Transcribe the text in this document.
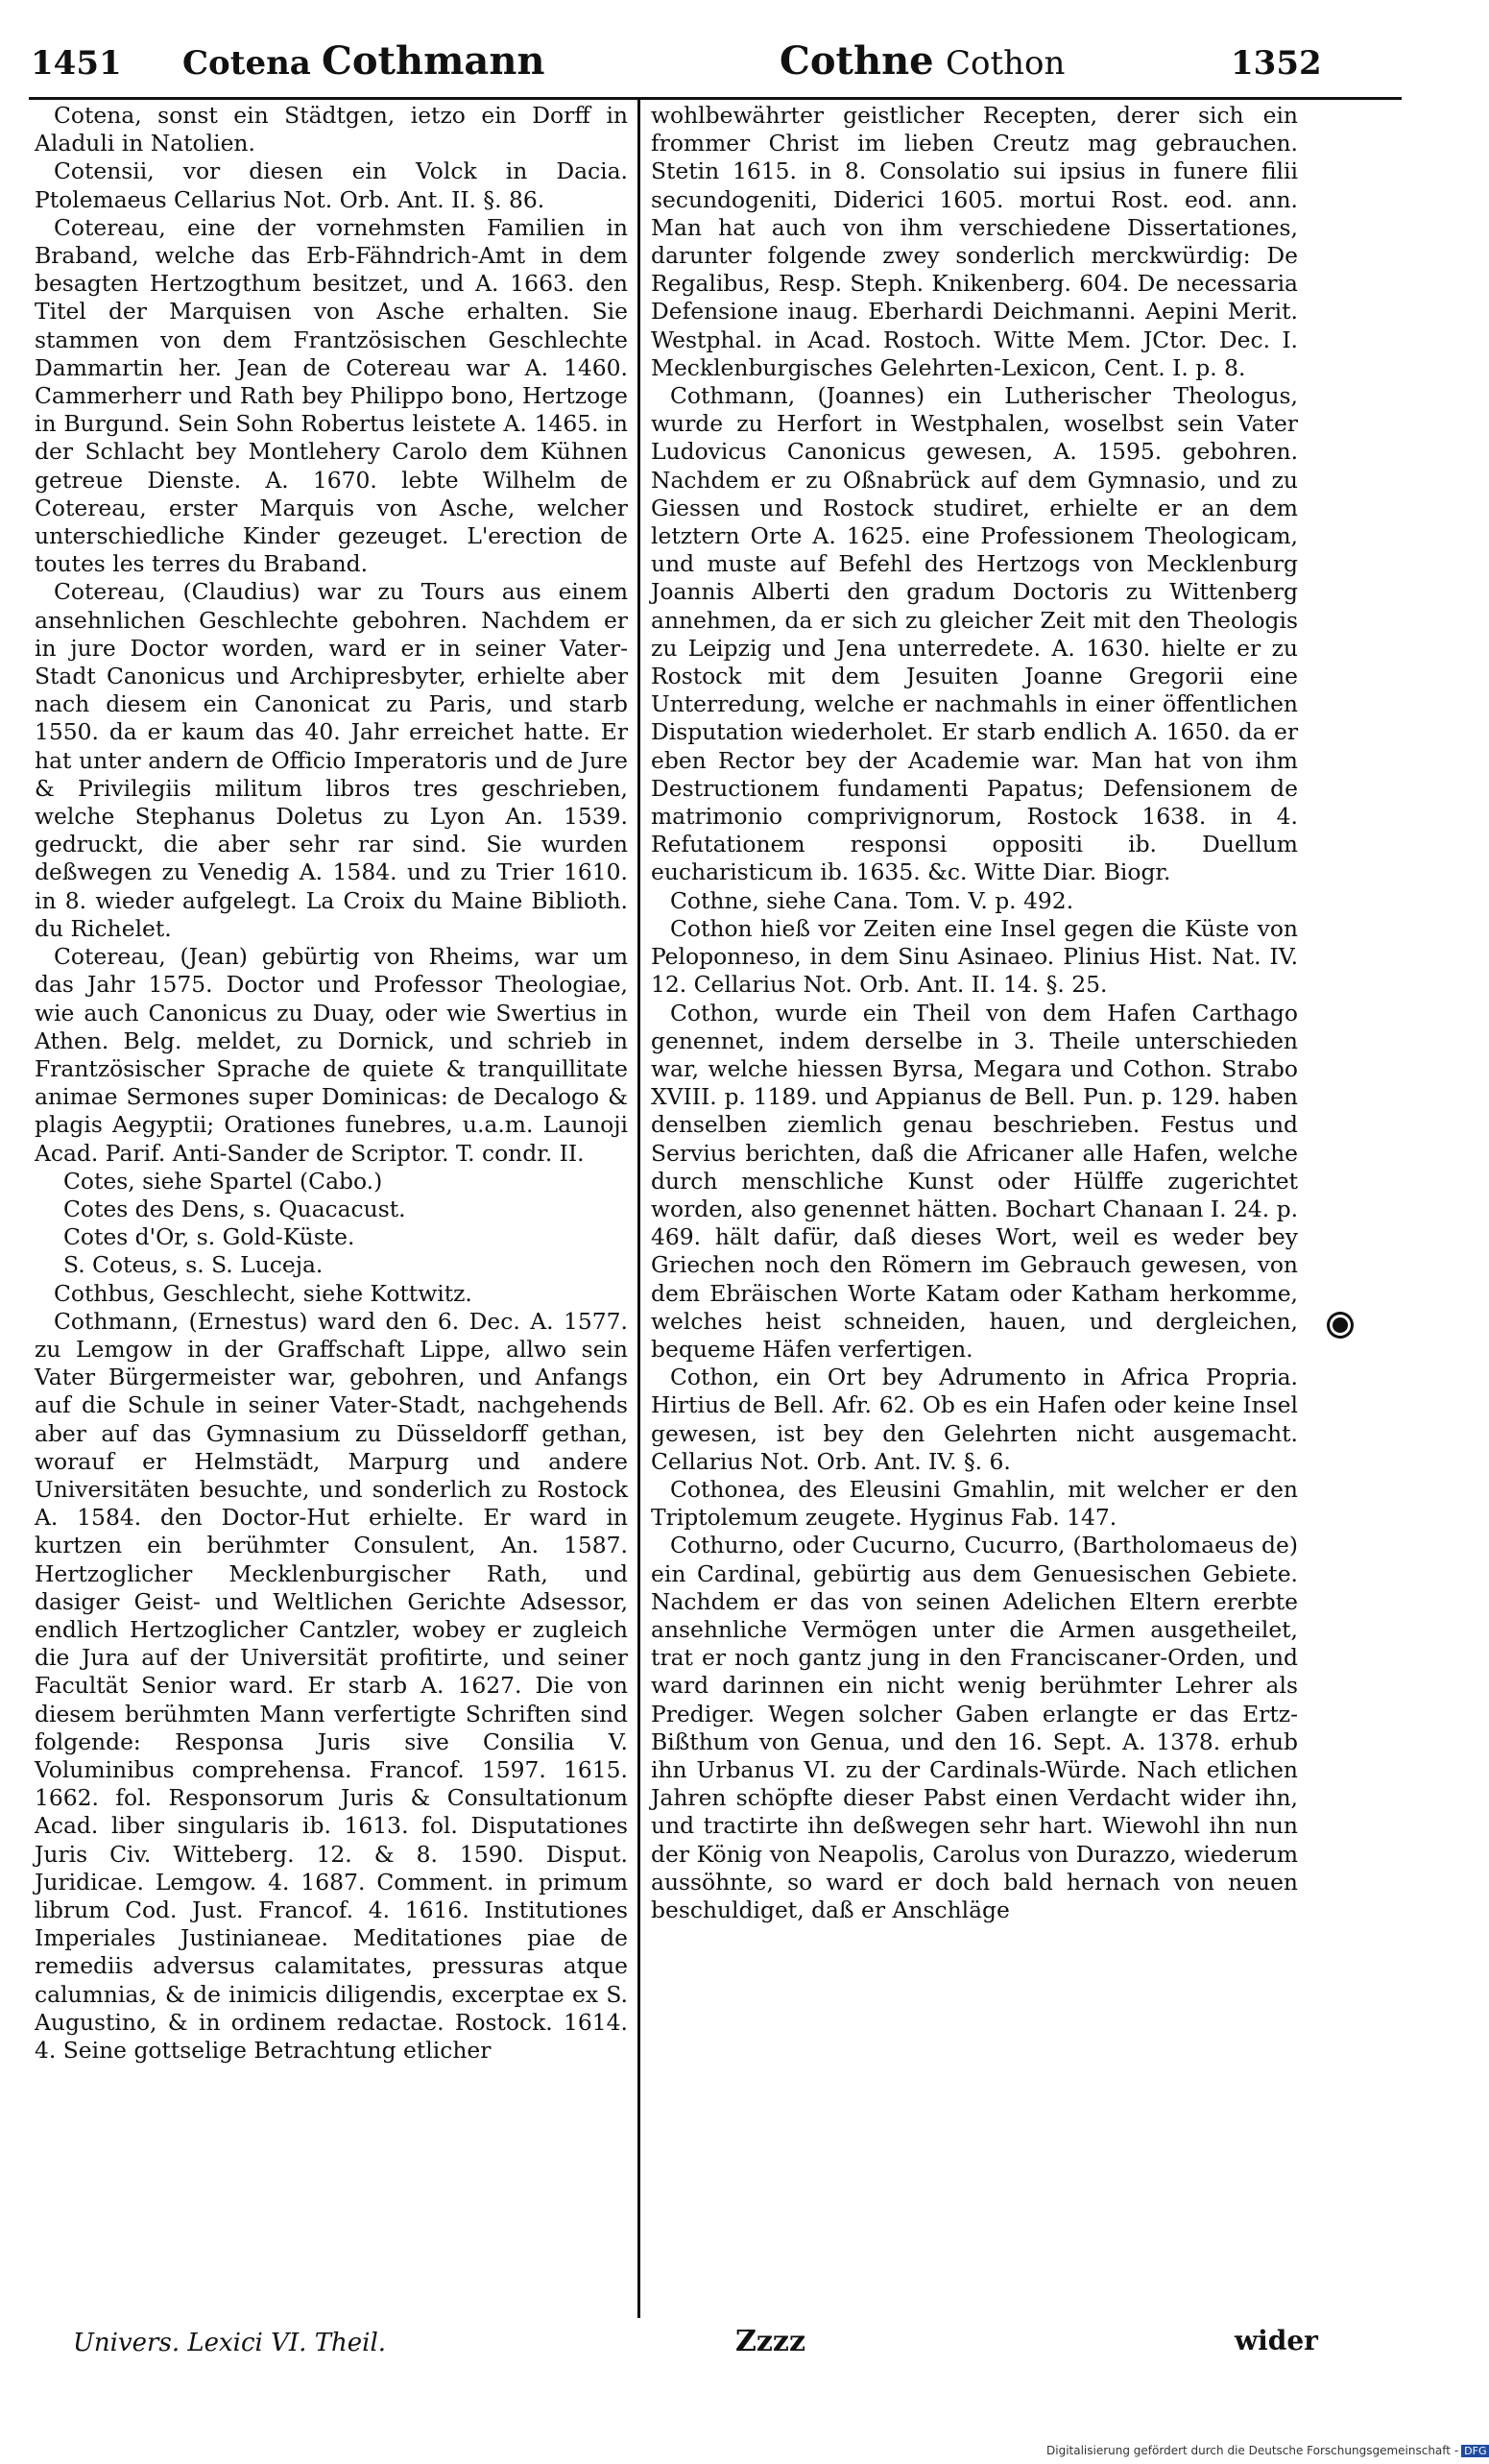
1451 Cotena Cothmann	Cothne Cothon	1352

Cotena, sonst ein Städtgen, ietzo ein Dorff in Aladuli in Natolien.

Cotensii, vor diesen ein Volck in Dacia. Ptolemaeus Cellarius Not. Orb. Ant. II. §. 86.

Cotereau, eine der vornehmsten Familien in Braband, welche das Erb-Fähndrich-Amt in dem besagten Hertzogthum besitzet, und A. 1663. den Titel der Marquisen von Asche erhalten. Sie stammen von dem Frantzösischen Geschlechte Dammartin her. Jean de Cotereau war A. 1460. Cammerherr und Rath bey Philippo bono, Hertzoge in Burgund. Sein Sohn Robertus leistete A. 1465. in der Schlacht bey Montlehery Carolo dem Kühnen getreue Dienste. A. 1670. lebte Wilhelm de Cotereau, erster Marquis von Asche, welcher unterschiedliche Kinder gezeuget. L'erection de toutes les terres du Braband.

Cotereau, (Claudius) war zu Tours aus einem ansehnlichen Geschlechte gebohren. Nachdem er in jure Doctor worden, ward er in seiner Vater-Stadt Canonicus und Archipresbyter, erhielte aber nach diesem ein Canonicat zu Paris, und starb 1550. da er kaum das 40. Jahr erreichet hatte. Er hat unter andern de Officio Imperatoris und de Jure & Privilegiis militum libros tres geschrieben, welche Stephanus Doletus zu Lyon An. 1539. gedruckt, die aber sehr rar sind. Sie wurden deßwegen zu Venedig A. 1584. und zu Trier 1610. in 8. wieder aufgelegt. La Croix du Maine Biblioth. du Richelet.

Cotereau, (Jean) gebürtig von Rheims, war um das Jahr 1575. Doctor und Professor Theologiae, wie auch Canonicus zu Duay, oder wie Swertius in Athen. Belg. meldet, zu Dornick, und schrieb in Frantzösischer Sprache de quiete & tranquillitate animae Sermones super Dominicas: de Decalogo & plagis Aegyptii; Orationes funebres, u.a.m. Launoji Acad. Parif. Anti-Sander de Scriptor. T. condr. II.

Cotes, siehe Spartel (Cabo.)

Cotes des Dens, s. Quacacust.

Cotes d'Or, s. Gold-Küste.

S. Coteus, s. S. Luceja.

Cothbus, Geschlecht, siehe Kottwitz.

Cothmann, (Ernestus) ward den 6. Dec. A. 1577. zu Lemgow in der Graffschaft Lippe, allwo sein Vater Bürgermeister war, gebohren, und Anfangs auf die Schule in seiner Vater-Stadt, nachgehends aber auf das Gymnasium zu Düsseldorff gethan, worauf er Helmstädt, Marpurg und andere Universitäten besuchte, und sonderlich zu Rostock A. 1584. den Doctor-Hut erhielte. Er ward in kurtzen ein berühmter Consulent, An. 1587. Hertzoglicher Mecklenburgischer Rath, und dasiger Geist- und Weltlichen Gerichte Adsessor, endlich Hertzoglicher Cantzler, wobey er zugleich die Jura auf der Universität profitirte, und seiner Facultät Senior ward. Er starb A. 1627. Die von diesem berühmten Mann verfertigte Schriften sind folgende: Responsa Juris sive Consilia V. Voluminibus comprehensa. Francof. 1597. 1615. 1662. fol. Responsorum Juris & Consultationum Acad. liber singularis ib. 1613. fol. Disputationes Juris Civ. Witteberg. 12. & 8. 1590. Disput. Juridicae. Lemgow. 4. 1687. Comment. in primum librum Cod. Just. Francof. 4. 1616. Institutiones Imperiales Justinianeae. Meditationes piae de remediis adversus calamitates, pressuras atque calumnias, & de inimicis diligendis, excerptae ex S. Augustino, & in ordinem redactae. Rostock. 1614. 4. Seine gottselige Betrachtung etlicher

wohlbewährter geistlicher Recepten, derer sich ein frommer Christ im lieben Creutz mag gebrauchen. Stetin 1615. in 8. Consolatio sui ipsius in funere filii secundogeniti, Diderici 1605. mortui Rost. eod. ann. Man hat auch von ihm verschiedene Dissertationes, darunter folgende zwey sonderlich merckwürdig: De Regalibus, Resp. Steph. Knikenberg. 604. De necessaria Defensione inaug. Eberhardi Deichmanni. Aepini Merit. Westphal. in Acad. Rostoch. Witte Mem. JCtor. Dec. I. Mecklenburgisches Gelehrten-Lexicon, Cent. I. p. 8.

Cothmann, (Joannes) ein Lutherischer Theologus, wurde zu Herfort in Westphalen, woselbst sein Vater Ludovicus Canonicus gewesen, A. 1595. gebohren. Nachdem er zu Oßnabrück auf dem Gymnasio, und zu Giessen und Rostock studiret, erhielte er an dem letztern Orte A. 1625. eine Professionem Theologicam, und muste auf Befehl des Hertzogs von Mecklenburg Joannis Alberti den gradum Doctoris zu Wittenberg annehmen, da er sich zu gleicher Zeit mit den Theologis zu Leipzig und Jena unterredete. A. 1630. hielte er zu Rostock mit dem Jesuiten Joanne Gregorii eine Unterredung, welche er nachmahls in einer öffentlichen Disputation wiederholet. Er starb endlich A. 1650. da er eben Rector bey der Academie war. Man hat von ihm Destructionem fundamenti Papatus; Defensionem de matrimonio comprivignorum, Rostock 1638. in 4. Refutationem responsi oppositi ib. Duellum eucharisticum ib. 1635. &c. Witte Diar. Biogr.

Cothne, siehe Cana. Tom. V. p. 492.

Cothon hieß vor Zeiten eine Insel gegen die Küste von Peloponneso, in dem Sinu Asinaeo. Plinius Hist. Nat. IV. 12. Cellarius Not. Orb. Ant. II. 14. §. 25.

Cothon, wurde ein Theil von dem Hafen Carthago genennet, indem derselbe in 3. Theile unterschieden war, welche hiessen Byrsa, Megara und Cothon. Strabo XVIII. p. 1189. und Appianus de Bell. Pun. p. 129. haben denselben ziemlich genau beschrieben. Festus und Servius berichten, daß die Africaner alle Hafen, welche durch menschliche Kunst oder Hülffe zugerichtet worden, also genennet hätten. Bochart Chanaan I. 24. p. 469. hält dafür, daß dieses Wort, weil es weder bey Griechen noch den Römern im Gebrauch gewesen, von dem Ebräischen Worte Katam oder Katham herkomme, welches heist schneiden, hauen, und dergleichen, bequeme Häfen verfertigen.

Cothon, ein Ort bey Adrumento in Africa Propria. Hirtius de Bell. Afr. 62. Ob es ein Hafen oder keine Insel gewesen, ist bey den Gelehrten nicht ausgemacht. Cellarius Not. Orb. Ant. IV. §. 6.

Cothonea, des Eleusini Gmahlin, mit welcher er den Triptolemum zeugete. Hyginus Fab. 147.

Cothurno, oder Cucurno, Cucurro, (Bartholomaeus de) ein Cardinal, gebürtig aus dem Genuesischen Gebiete. Nachdem er das von seinen Adelichen Eltern ererbte ansehnliche Vermögen unter die Armen ausgetheilet, trat er noch gantz jung in den Franciscaner-Orden, und ward darinnen ein nicht wenig berühmter Lehrer als Prediger. Wegen solcher Gaben erlangte er das Ertz-Bißthum von Genua, und den 16. Sept. A. 1378. erhub ihn Urbanus VI. zu der Cardinals-Würde. Nach etlichen Jahren schöpfte dieser Pabst einen Verdacht wider ihn, und tractirte ihn deßwegen sehr hart. Wiewohl ihn nun der König von Neapolis, Carolus von Durazzo, wiederum aussöhnte, so ward er doch bald hernach von neuen beschuldiget, daß er Anschläge

Univers. Lexici VI. Theil.	Zzzz	wider
Digitalisierung gefördert durch die Deutsche Forschungsgemeinschaft - DFG
